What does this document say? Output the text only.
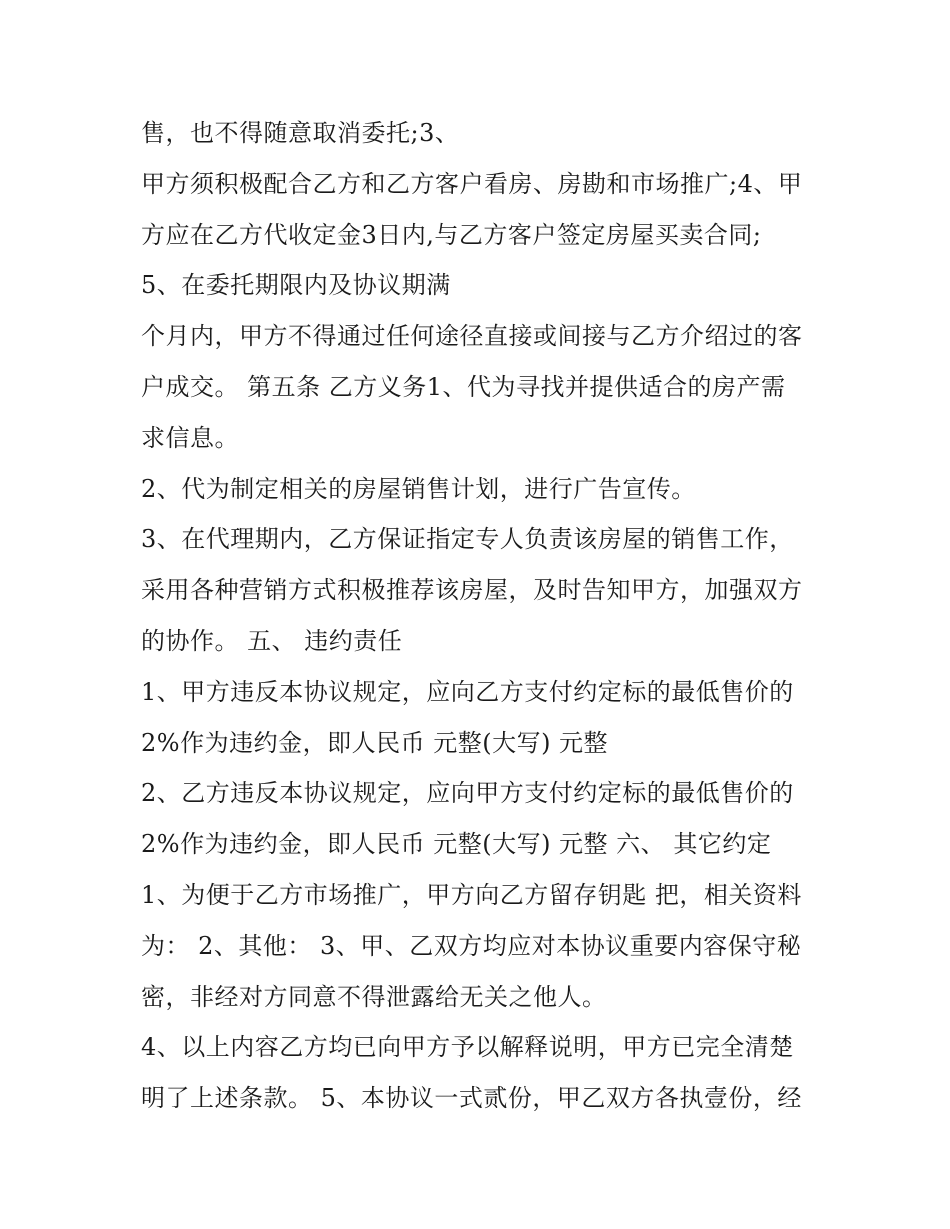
售，也不得随意取消委托;3、
甲方须积极配合乙方和乙方客户看房、房勘和市场推广;4、甲
方应在乙方代收定金3日内,与乙方客户签定房屋买卖合同;
5、在委托期限内及协议期满
个月内，甲方不得通过任何途径直接或间接与乙方介绍过的客
户成交。 第五条 乙方义务1、代为寻找并提供适合的房产需
求信息。
2、代为制定相关的房屋销售计划，进行广告宣传。
3、在代理期内，乙方保证指定专人负责该房屋的销售工作，
采用各种营销方式积极推荐该房屋，及时告知甲方，加强双方
的协作。 五、 违约责任
1、甲方违反本协议规定，应向乙方支付约定标的最低售价的
2%作为违约金，即人民币 元整(大写) 元整
2、乙方违反本协议规定，应向甲方支付约定标的最低售价的
2%作为违约金，即人民币 元整(大写) 元整 六、 其它约定
1、为便于乙方市场推广，甲方向乙方留存钥匙 把，相关资料
为： 2、其他： 3、甲、乙双方均应对本协议重要内容保守秘
密，非经对方同意不得泄露给无关之他人。
4、以上内容乙方均已向甲方予以解释说明，甲方已完全清楚
明了上述条款。 5、本协议一式贰份，甲乙双方各执壹份，经
